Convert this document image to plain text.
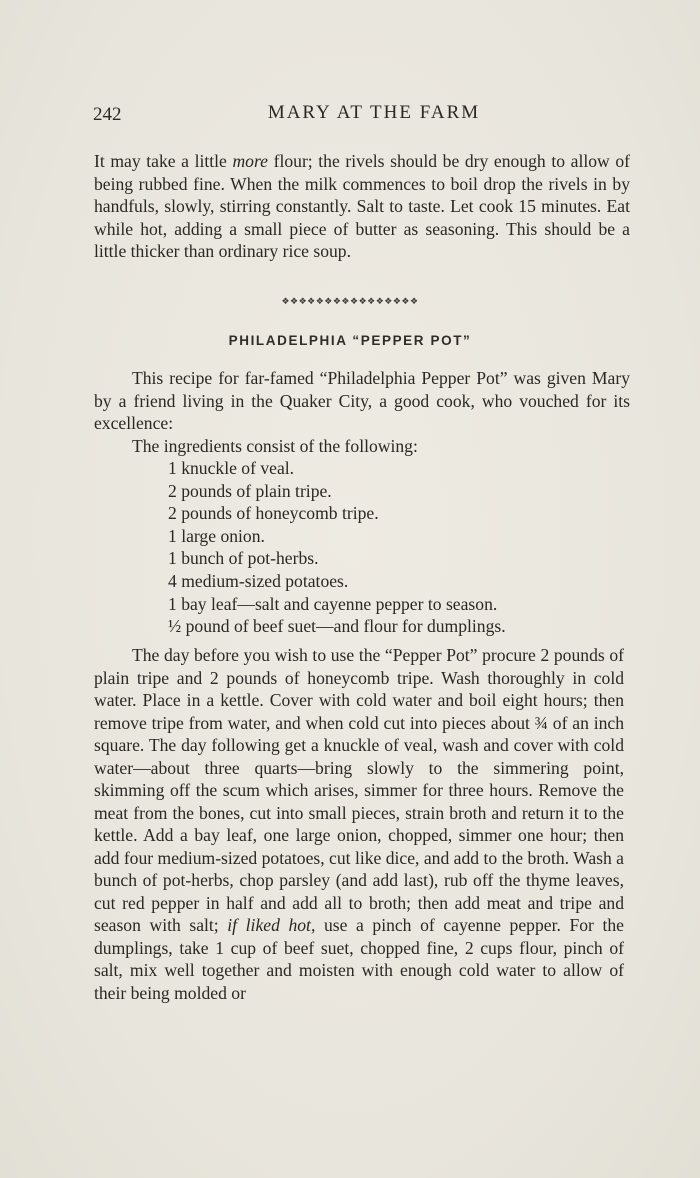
242	MARY AT THE FARM

It may take a little more flour; the rivels should be dry enough to allow of being rubbed fine. When the milk commences to boil drop the rivels in by handfuls, slowly, stirring constantly. Salt to taste. Let cook 15 minutes. Eat while hot, adding a small piece of butter as seasoning. This should be a little thicker than ordinary rice soup.

❖❖❖❖❖❖❖❖❖❖❖❖❖❖❖❖
PHILADELPHIA “PEPPER POT”

This recipe for far-famed “Philadelphia Pepper Pot” was given Mary by a friend living in the Quaker City, a good cook, who vouched for its excellence:

The ingredients consist of the following:

1 knuckle of veal.
2 pounds of plain tripe.
2 pounds of honeycomb tripe.
1 large onion.
1 bunch of pot-herbs.
4 medium-sized potatoes.
1 bay leaf—salt and cayenne pepper to season.
½ pound of beef suet—and flour for dumplings.

The day before you wish to use the “Pepper Pot” procure 2 pounds of plain tripe and 2 pounds of honeycomb tripe. Wash thoroughly in cold water. Place in a kettle. Cover with cold water and boil eight hours; then remove tripe from water, and when cold cut into pieces about ¾ of an inch square. The day following get a knuckle of veal, wash and cover with cold water—about three quarts—bring slowly to the simmering point, skimming off the scum which arises, simmer for three hours. Remove the meat from the bones, cut into small pieces, strain broth and return it to the kettle. Add a bay leaf, one large onion, chopped, simmer one hour; then add four medium-sized potatoes, cut like dice, and add to the broth. Wash a bunch of pot-herbs, chop parsley (and add last), rub off the thyme leaves, cut red pepper in half and add all to broth; then add meat and tripe and season with salt; if liked hot, use a pinch of cayenne pepper. For the dumplings, take 1 cup of beef suet, chopped fine, 2 cups flour, pinch of salt, mix well together and moisten with enough cold water to allow of their being molded or
